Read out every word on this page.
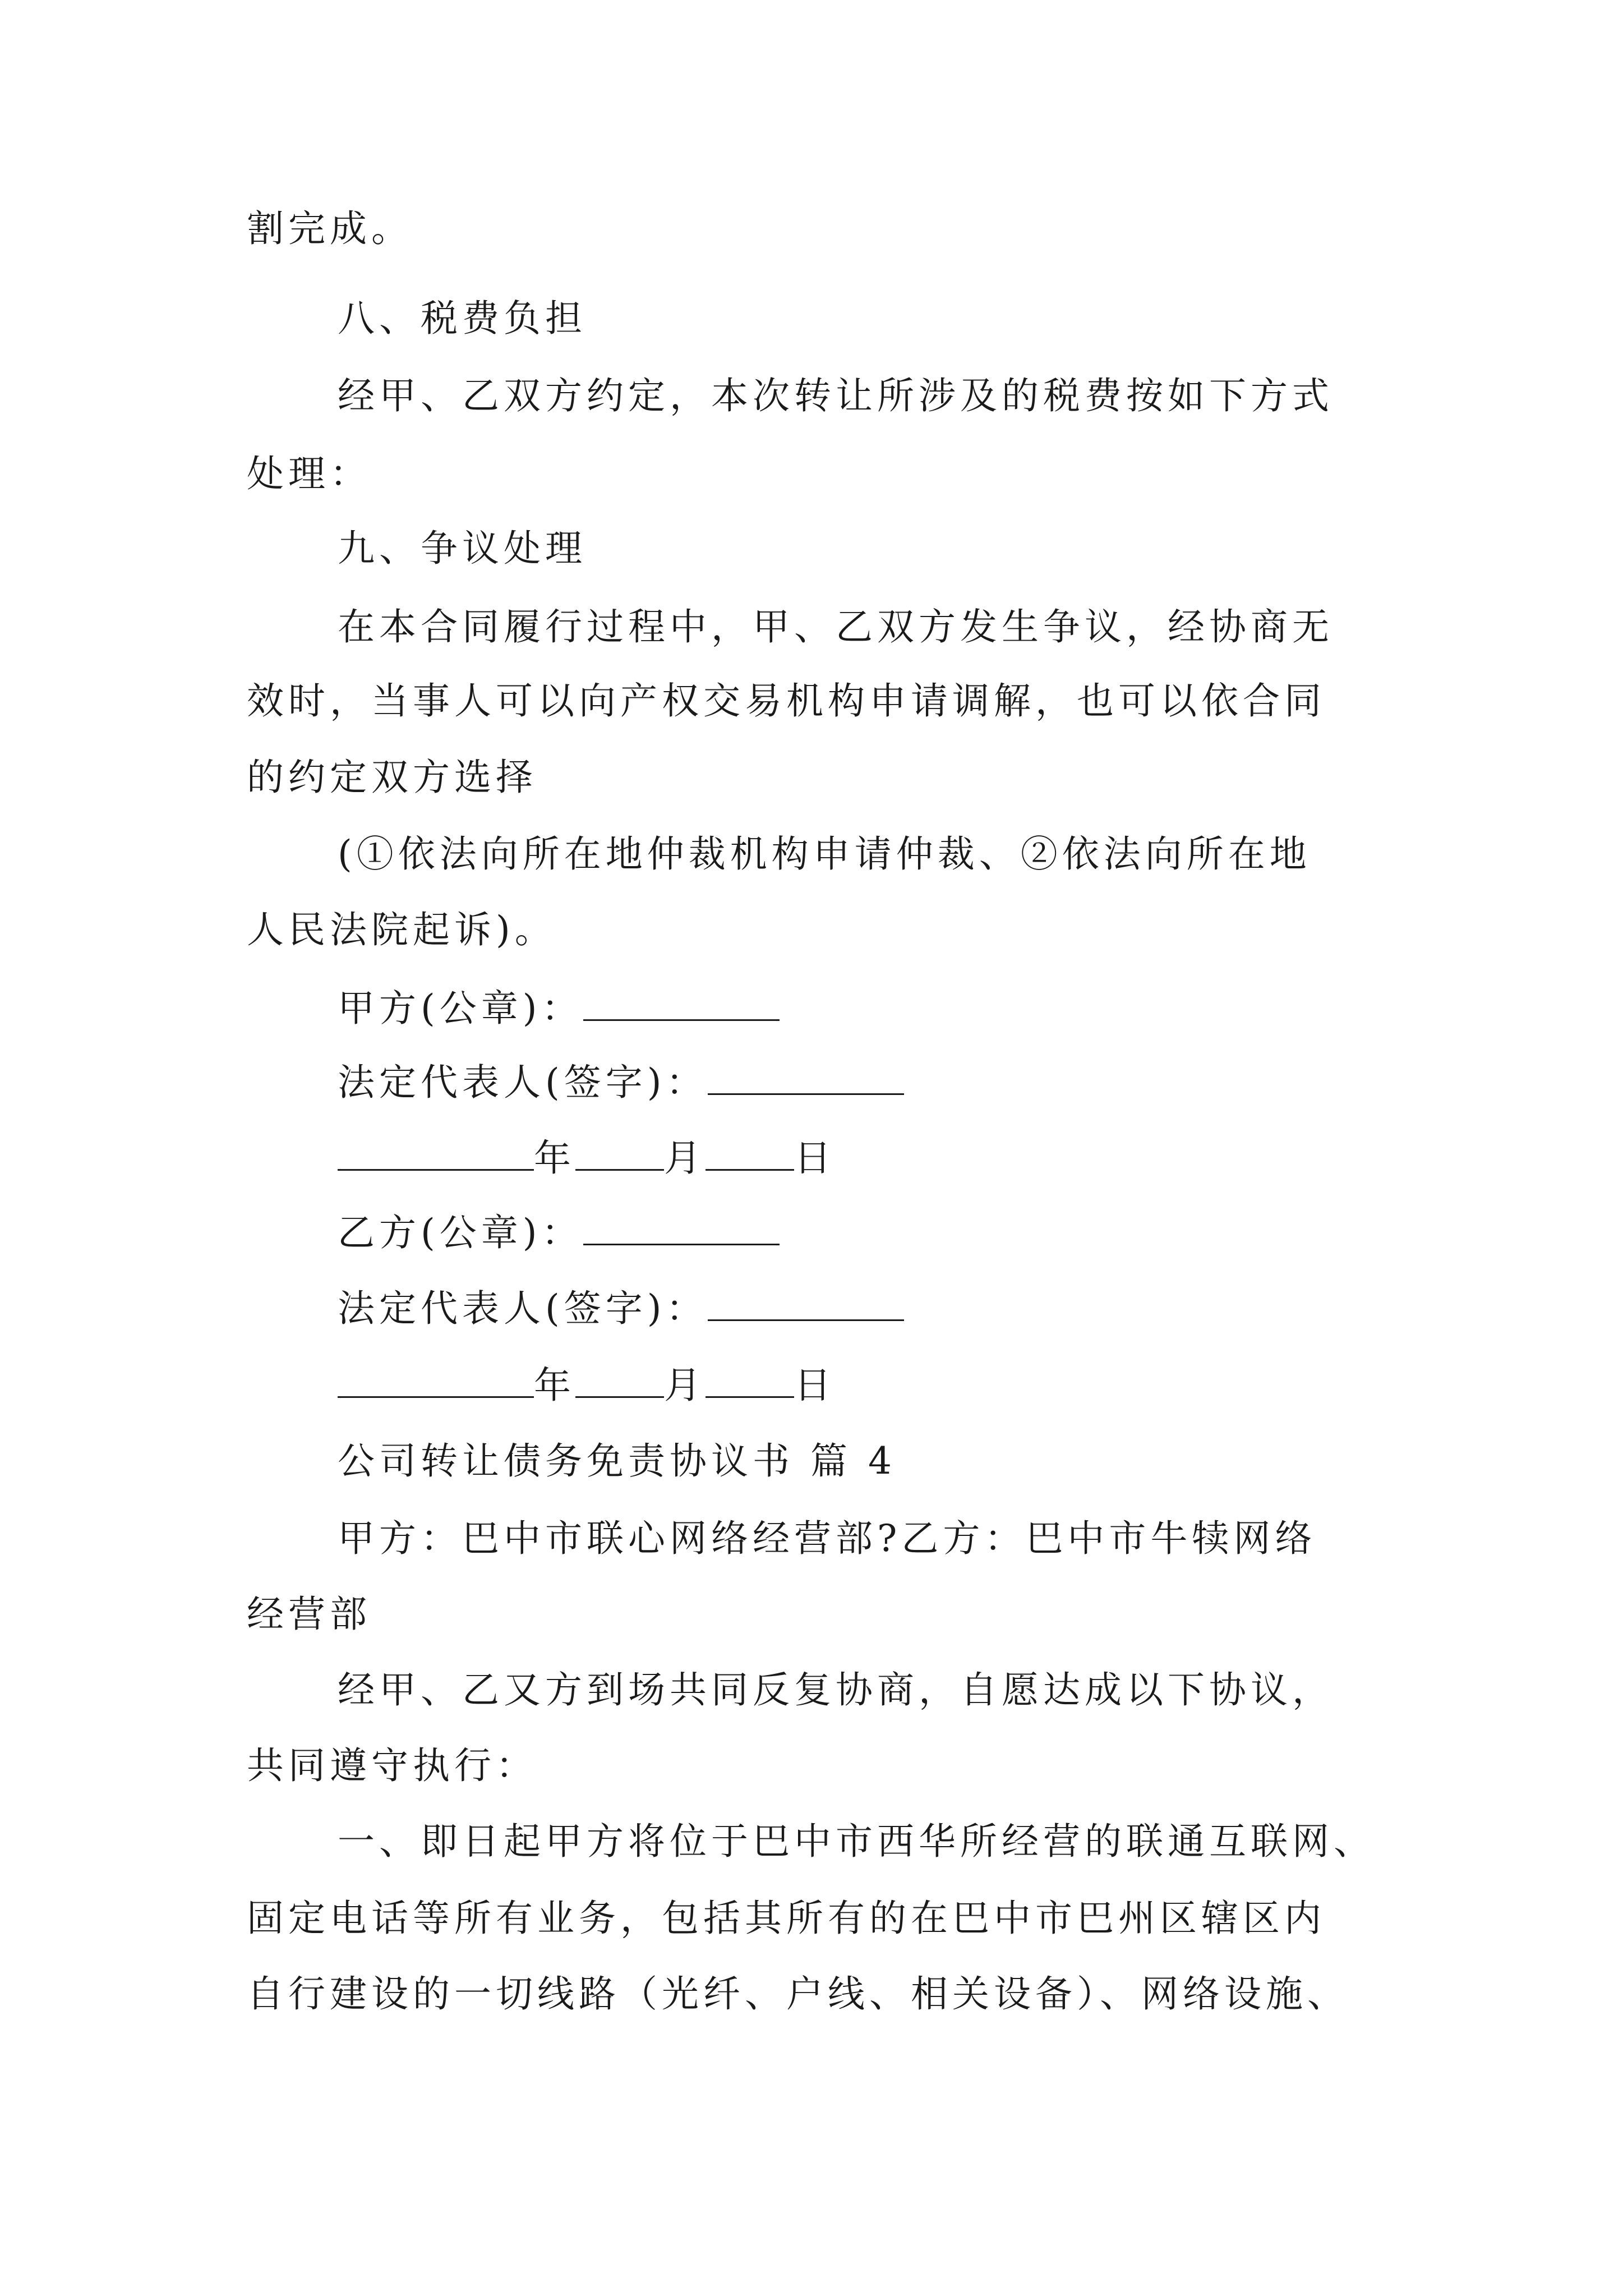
割完成。
八、税费负担
经甲、乙双方约定，本次转让所涉及的税费按如下方式
处理：
九、争议处理
在本合同履行过程中，甲、乙双方发生争议，经协商无
效时，当事人可以向产权交易机构申请调解，也可以依合同
的约定双方选择
(①依法向所在地仲裁机构申请仲裁、②依法向所在地
人民法院起诉)。
甲方(公章)：
法定代表人(签字)：
年 月 日
乙方(公章)：
法定代表人(签字)：
年 月 日
公司转让债务免责协议书 篇 4
甲方：巴中市联心网络经营部?乙方：巴中市牛犊网络
经营部
经甲、乙又方到场共同反复协商，自愿达成以下协议，
共同遵守执行：
一、即日起甲方将位于巴中市西华所经营的联通互联网、
固定电话等所有业务，包括其所有的在巴中市巴州区辖区内
自行建设的一切线路（光纤、户线、相关设备）、网络设施、
